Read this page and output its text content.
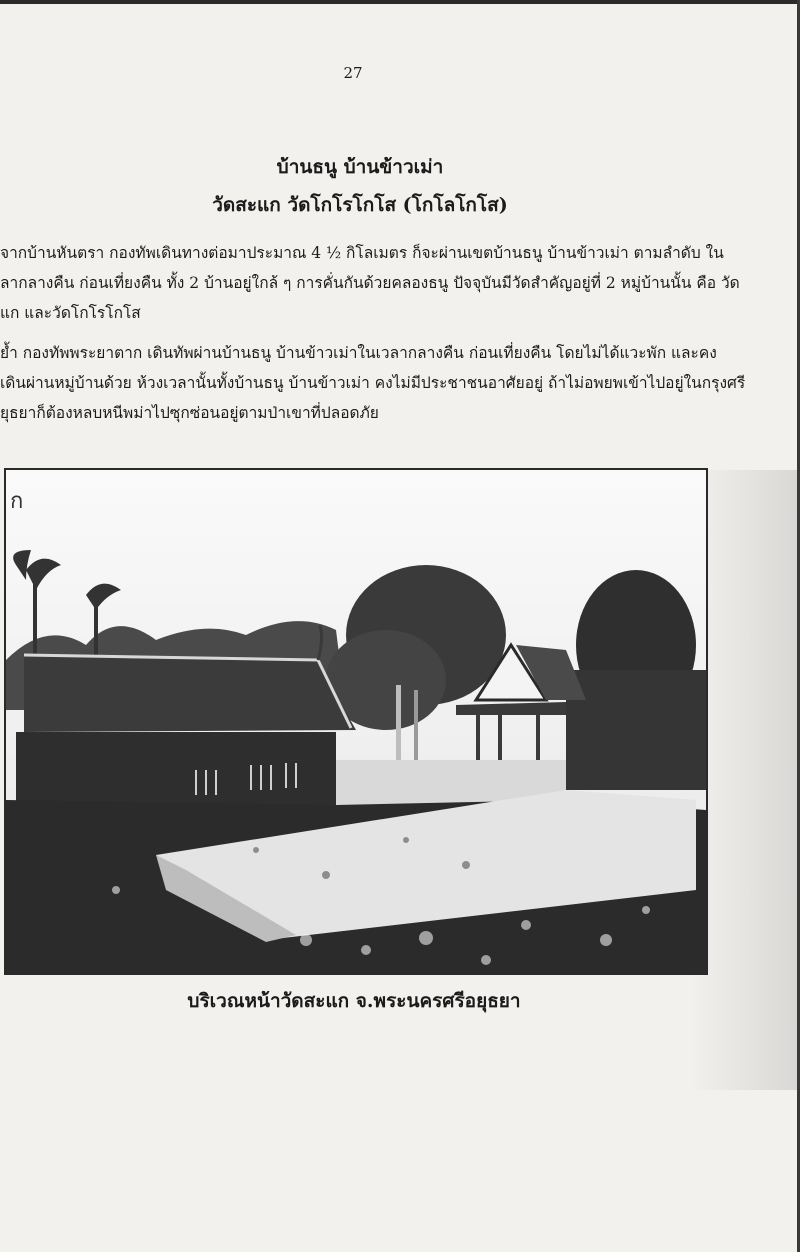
27
บ้านธนู บ้านข้าวเม่า
วัดสะแก วัดโกโรโกโส (โกโลโกโส)
จากบ้านหันตรา กองทัพเดินทางต่อมาประมาณ 4 ½ กิโลเมตร ก็จะผ่านเขตบ้านธนู บ้านข้าวเม่า ตามลำดับ ใน
ลากลางคืน ก่อนเที่ยงคืน ทั้ง 2 บ้านอยู่ใกล้ ๆ การคั่นกันด้วยคลองธนู ปัจจุบันมีวัดสำคัญอยู่ที่ 2 หมู่บ้านนั้น คือ วัด
แก และวัดโกโรโกโส
ย้ำ กองทัพพระยาตาก เดินทัพผ่านบ้านธนู บ้านข้าวเม่าในเวลากลางคืน ก่อนเที่ยงคืน โดยไม่ได้แวะพัก และคง
เดินผ่านหมู่บ้านด้วย ห้วงเวลานั้นทั้งบ้านธนู บ้านข้าวเม่า คงไม่มีประชาชนอาศัยอยู่ ถ้าไม่อพยพเข้าไปอยู่ในกรุงศรี
ยุธยาก็ต้องหลบหนีพม่าไปซุกซ่อนอยู่ตามป่าเขาที่ปลอดภัย
ก
บริเวณหน้าวัดสะแก จ.พระนครศรีอยุธยา
